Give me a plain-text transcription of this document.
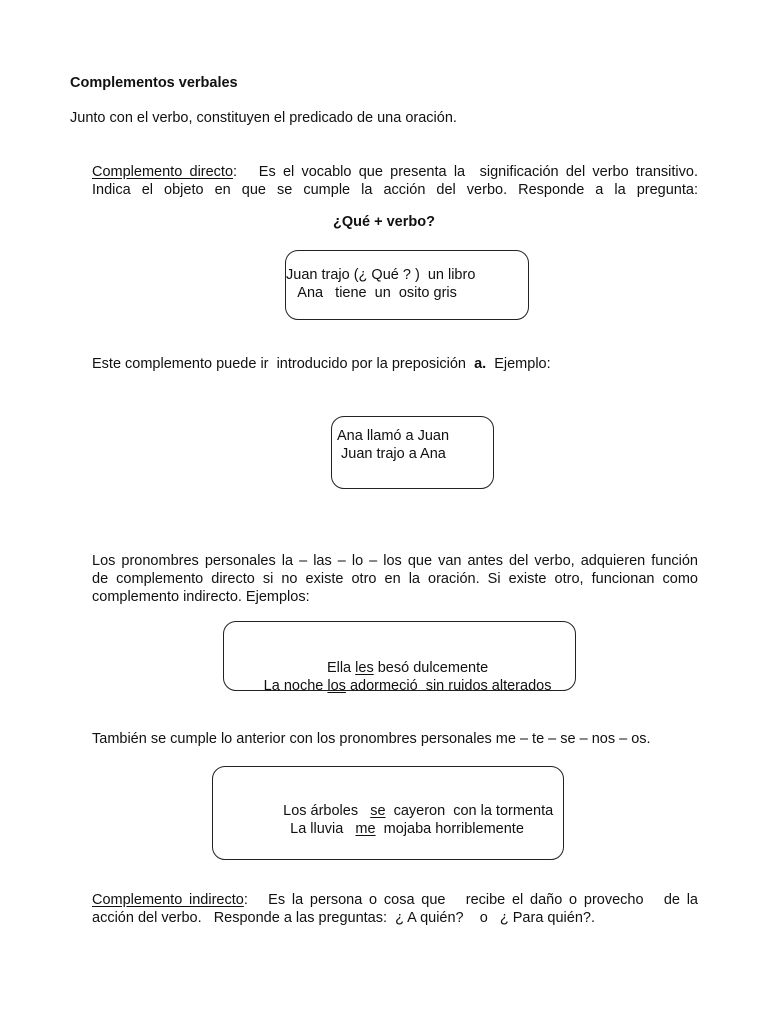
Complementos verbales
Junto con el verbo, constituyen el predicado de una oración.
Complemento directo:   Es el vocablo que presenta la  significación del verbo transitivo.
Indica el objeto en que se cumple la acción del verbo. Responde a la pregunta:
¿Qué + verbo?
Juan trajo (¿ Qué ? )  un libro
Ana   tiene  un  osito gris
Este complemento puede ir  introducido por la preposición  a.  Ejemplo:
Ana llamó a Juan
Juan trajo a Ana
Los pronombres personales la – las – lo – los que van antes del verbo, adquieren función
de complemento directo si no existe otro en la oración. Si existe otro, funcionan como
complemento indirecto. Ejemplos:

Ella les besó dulcemente

La noche los adormeció  sin ruidos alterados

También se cumple lo anterior con los pronombres personales me – te – se – nos – os.

Los árboles   se  cayeron  con la tormenta

La lluvia   me  mojaba horriblemente

Complemento indirecto:   Es la persona o cosa que   recibe el daño o provecho   de la
acción del verbo.   Responde a las preguntas:  ¿ A quién?    o   ¿ Para quién?.
